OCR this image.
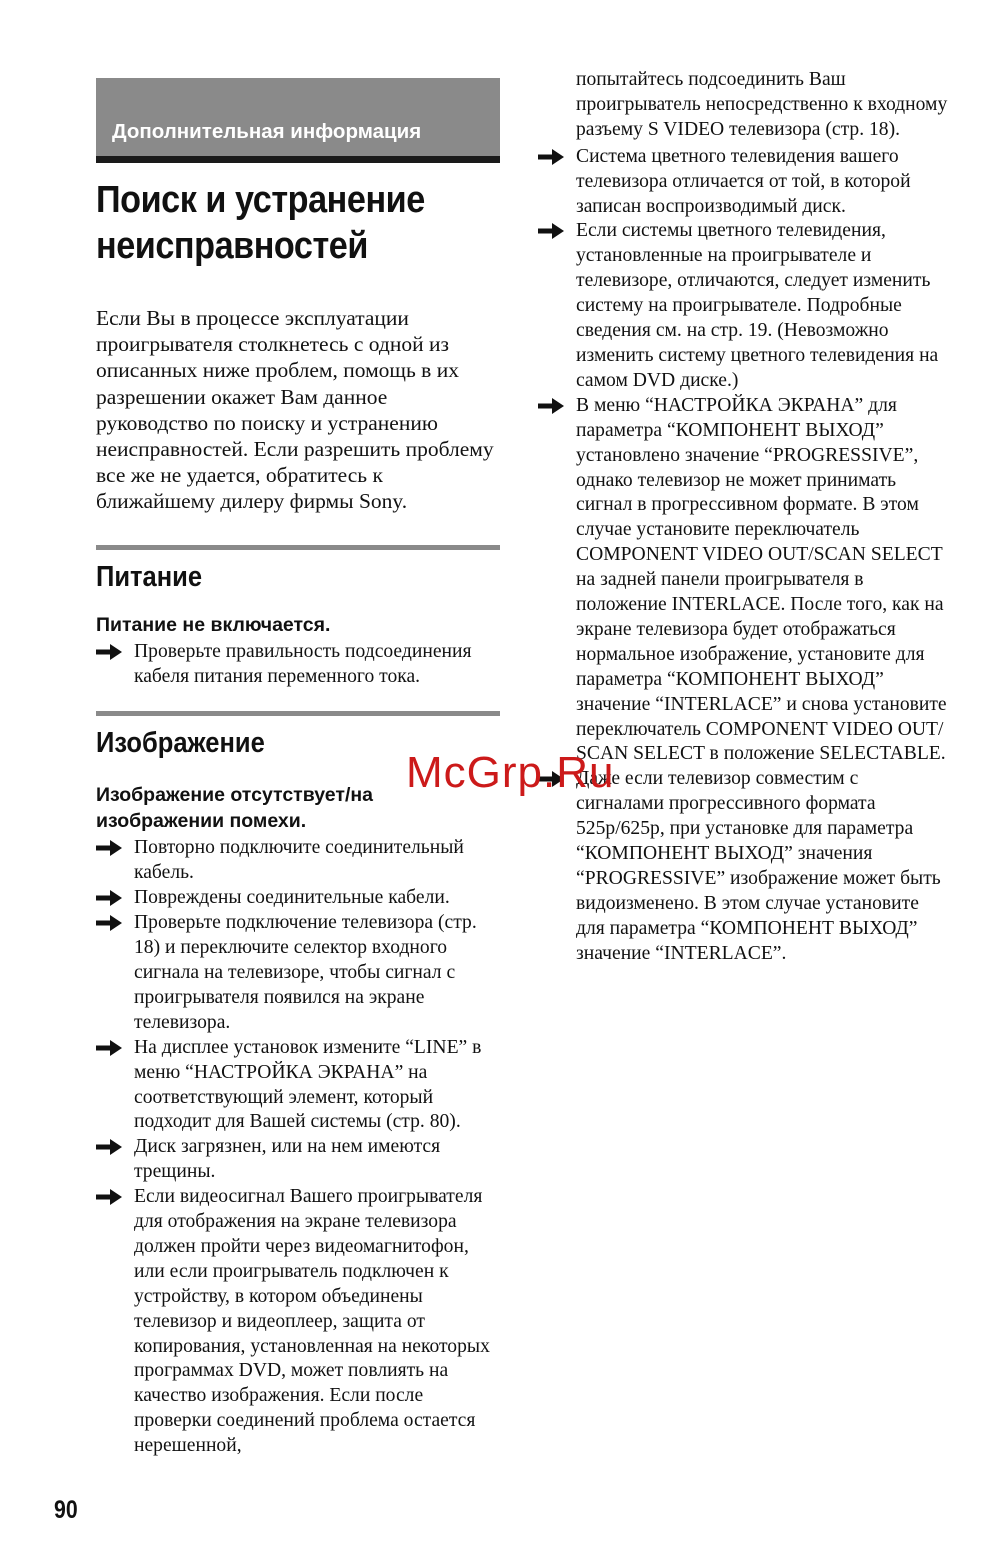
Дополнительная информация
Поиск и устранение
неисправностей

Если Вы в процессе эксплуатации проигрывателя столкнетесь с одной из описанных ниже проблем, помощь в их разрешении окажет Вам данное руководство по поиску и устранению неисправностей. Если разрешить проблему все же не удается, обратитесь к ближайшему дилеру фирмы Sony.

Питание
Питание не включается.
Проверьте правильность подсоединения кабеля питания переменного тока.
Изображение
Изображение отсутствует/на изображении помехи.
Повторно подключите соединительный кабель.
Повреждены соединительные кабели.
Проверьте подключение телевизора (стр. 18) и переключите селектор входного сигнала на телевизоре, чтобы сигнал с проигрывателя появился на экране телевизора.
На дисплее установок измените “LINE” в меню “НАСТРОЙКА ЭКРАНА” на соответствующий элемент, который подходит для Вашей системы (стр. 80).
Диск загрязнен, или на нем имеются трещины.
Если видеосигнал Вашего проигрывателя для отображения на экране телевизора должен пройти через видеомагнитофон, или если проигрыватель подключен к устройству, в котором объединены телевизор и видеоплеер, защита от копирования, установленная на некоторых программах DVD, может повлиять на качество изображения. Если после проверки соединений проблема остается нерешенной,
попытайтесь подсоединить Ваш проигрыватель непосредственно к входному разъему S VIDEO телевизора (стр. 18).
Система цветного телевидения вашего телевизора отличается от той, в которой записан воспроизводимый диск.
Если системы цветного телевидения, установленные на проигрывателе и телевизоре, отличаются, следует изменить систему на проигрывателе. Подробные сведения см. на стр. 19. (Невозможно изменить систему цветного телевидения на самом DVD диске.)
В меню “НАСТРОЙКА ЭКРАНА” для параметра “КОМПОНЕНТ ВЫХОД” установлено значение “PROGRESSIVE”, однако телевизор не может принимать сигнал в прогрессивном формате. В этом случае установите переключатель COMPONENT VIDEO OUT/SCAN SELECT на задней панели проигрывателя в положение INTERLACE. После того, как на экране телевизора будет отображаться нормальное изображение, установите для параметра “КОМПОНЕНТ ВЫХОД” значение “INTERLACE” и снова установите переключатель COMPONENT VIDEO OUT/ SCAN SELECT в положение SELECTABLE.
Даже если телевизор совместим с сигналами прогрессивного формата 525p/625p, при установке для параметра “КОМПОНЕНТ ВЫХОД” значения “PROGRESSIVE” изображение может быть видоизменено. В этом случае установите для параметра “КОМПОНЕНТ ВЫХОД” значение “INTERLACE”.
90
McGrp.Ru
